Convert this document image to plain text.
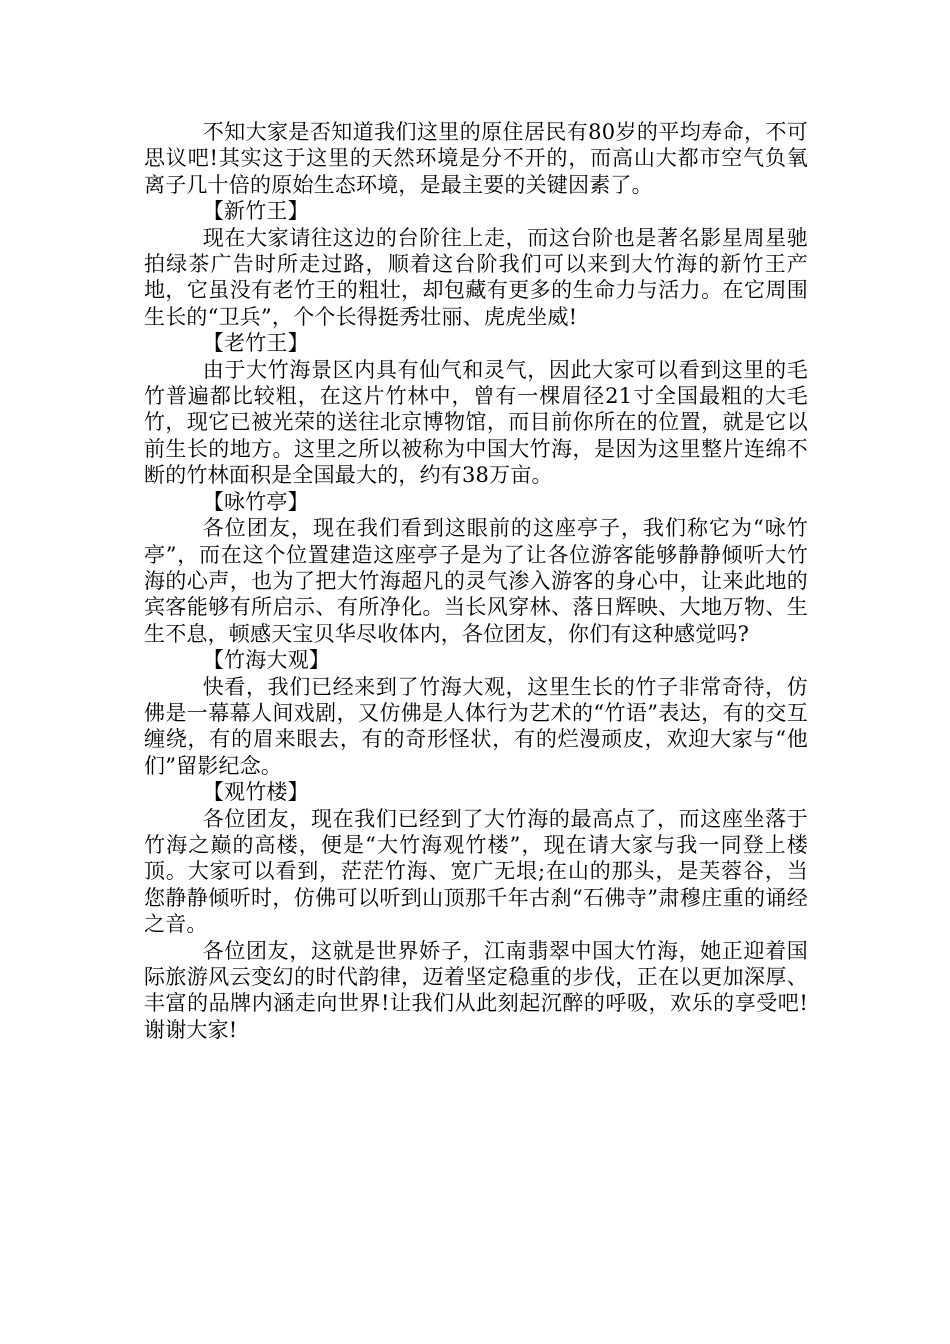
不知大家是否知道我们这里的原住居民有80岁的平均寿命，不可思议吧!其实这于这里的天然环境是分不开的，而高山大都市空气负氧离子几十倍的原始生态环境，是最主要的关键因素了。

【新竹王】

现在大家请往这边的台阶往上走，而这台阶也是著名影星周星驰拍绿茶广告时所走过路，顺着这台阶我们可以来到大竹海的新竹王产地，它虽没有老竹王的粗壮，却包藏有更多的生命力与活力。在它周围生长的“卫兵”，个个长得挺秀壮丽、虎虎坐威!

【老竹王】

由于大竹海景区内具有仙气和灵气，因此大家可以看到这里的毛竹普遍都比较粗，在这片竹林中，曾有一棵眉径21寸全国最粗的大毛竹，现它已被光荣的送往北京博物馆，而目前你所在的位置，就是它以前生长的地方。这里之所以被称为中国大竹海，是因为这里整片连绵不断的竹林面积是全国最大的，约有38万亩。

【咏竹亭】

各位团友，现在我们看到这眼前的这座亭子，我们称它为“咏竹亭”，而在这个位置建造这座亭子是为了让各位游客能够静静倾听大竹海的心声，也为了把大竹海超凡的灵气渗入游客的身心中，让来此地的宾客能够有所启示、有所净化。当长风穿林、落日辉映、大地万物、生生不息，顿感天宝贝华尽收体内，各位团友，你们有这种感觉吗?

【竹海大观】

快看，我们已经来到了竹海大观，这里生长的竹子非常奇待，仿佛是一幕幕人间戏剧，又仿佛是人体行为艺术的“竹语”表达，有的交互缠绕，有的眉来眼去，有的奇形怪状，有的烂漫顽皮，欢迎大家与“他们”留影纪念。

【观竹楼】

各位团友，现在我们已经到了大竹海的最高点了，而这座坐落于竹海之巅的高楼，便是“大竹海观竹楼”，现在请大家与我一同登上楼顶。大家可以看到，茫茫竹海、宽广无垠;在山的那头，是芙蓉谷，当您静静倾听时，仿佛可以听到山顶那千年古刹“石佛寺”肃穆庄重的诵经之音。

各位团友，这就是世界娇子，江南翡翠中国大竹海，她正迎着国际旅游风云变幻的时代韵律，迈着坚定稳重的步伐，正在以更加深厚、丰富的品牌内涵走向世界!让我们从此刻起沉醉的呼吸，欢乐的享受吧!谢谢大家!
